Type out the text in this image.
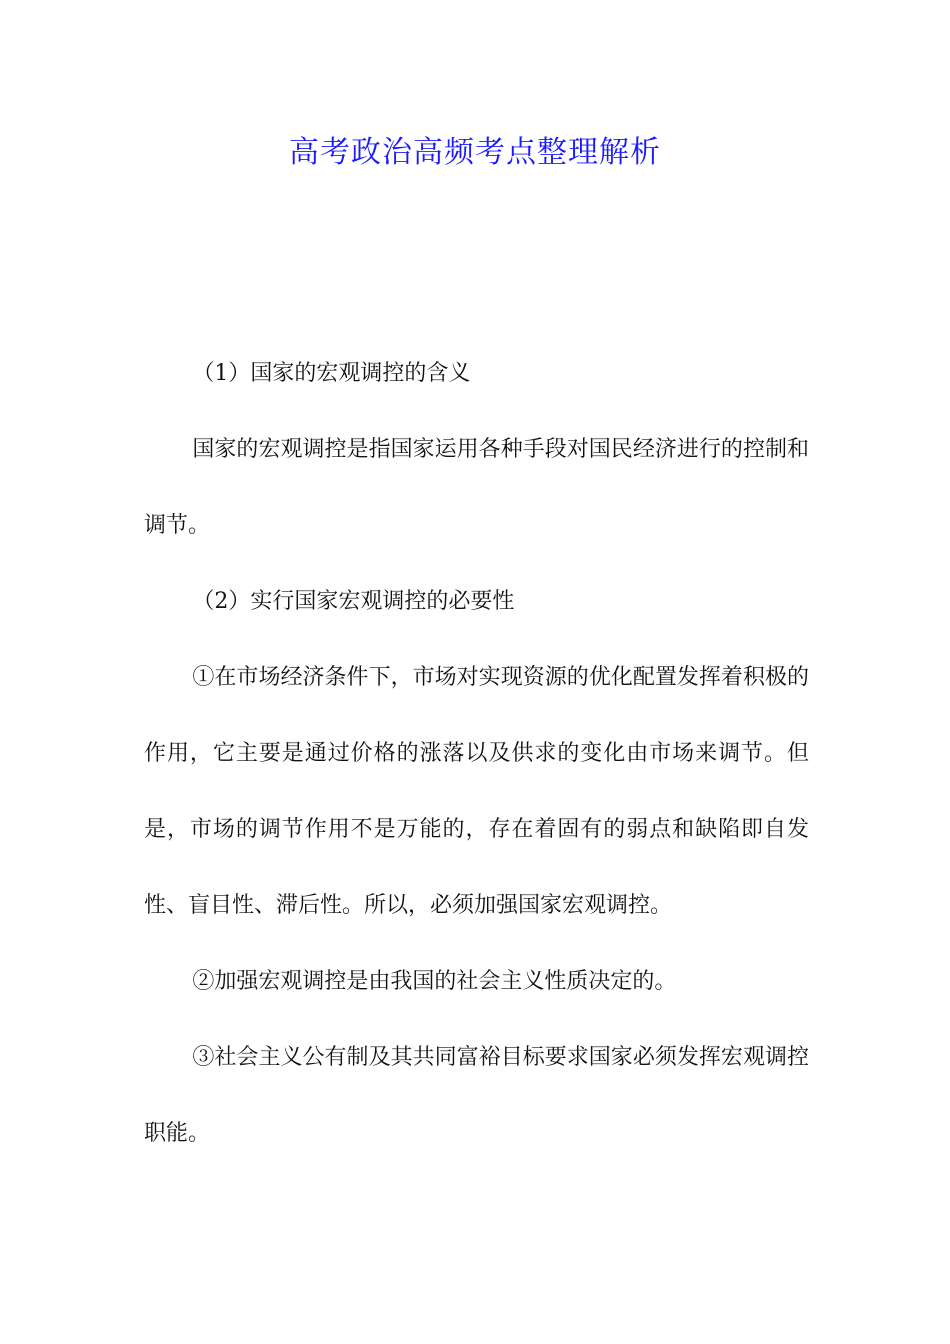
高考政治高频考点整理解析

（1）国家的宏观调控的含义

国家的宏观调控是指国家运用各种手段对国民经济进行的控制和调节。

（2）实行国家宏观调控的必要性

①在市场经济条件下，市场对实现资源的优化配置发挥着积极的作用，它主要是通过价格的涨落以及供求的变化由市场来调节。但是，市场的调节作用不是万能的，存在着固有的弱点和缺陷即自发性、盲目性、滞后性。所以，必须加强国家宏观调控。

②加强宏观调控是由我国的社会主义性质决定的。

③社会主义公有制及其共同富裕目标要求国家必须发挥宏观调控职能。
